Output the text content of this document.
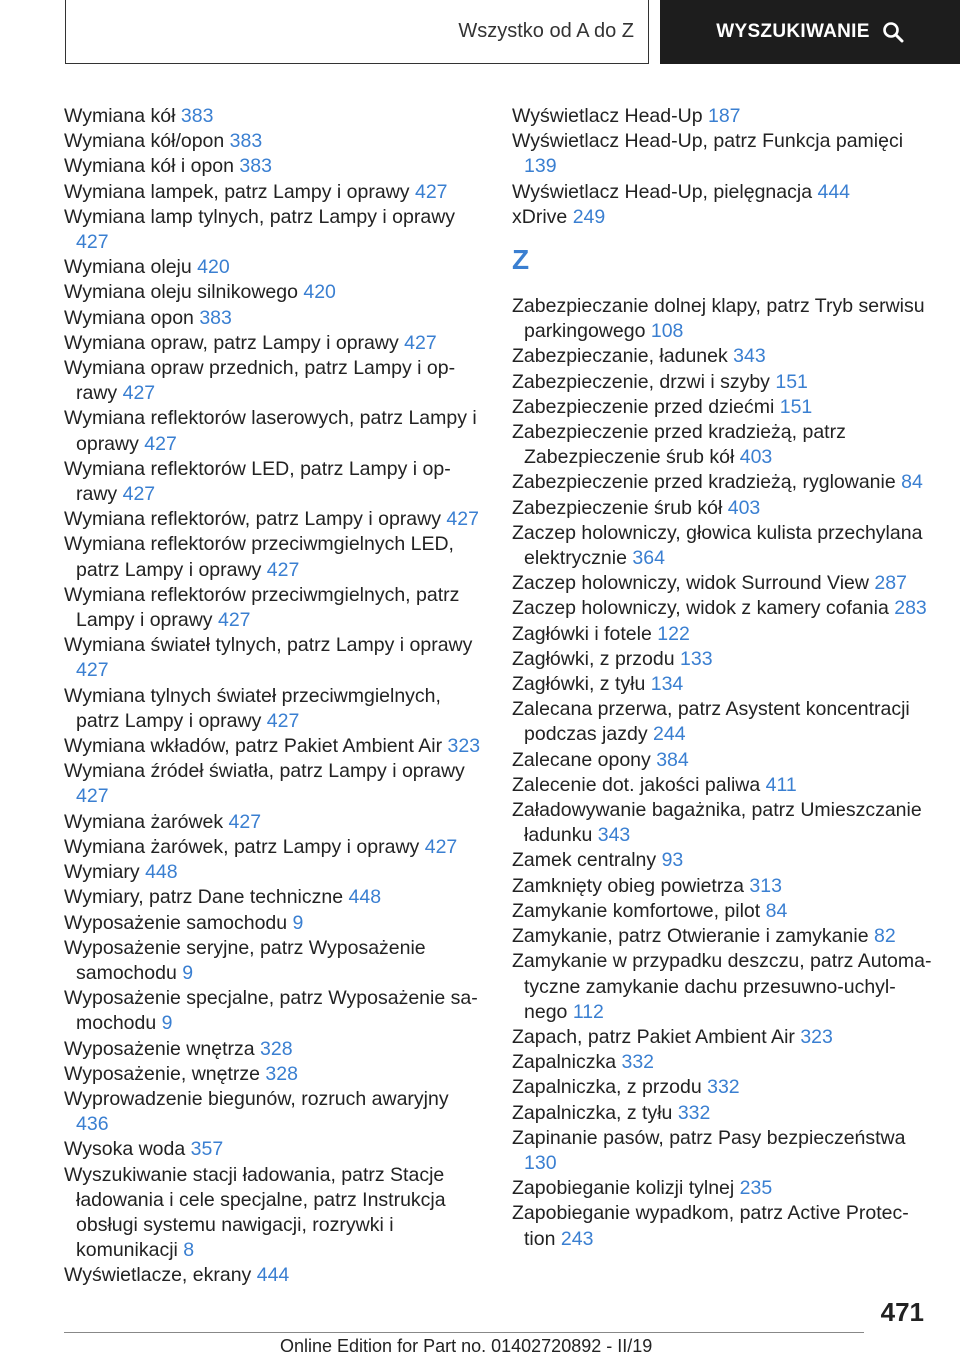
Wszystko od A do Z	WYSZUKIWANIE

Wymiana kół 383

Wymiana kół/opon 383

Wymiana kół i opon 383

Wymiana lampek, patrz Lampy i oprawy 427

Wymiana lamp tylnych, patrz Lampy i oprawy 427

Wymiana oleju 420

Wymiana oleju silnikowego 420

Wymiana opon 383

Wymiana opraw, patrz Lampy i oprawy 427

Wymiana opraw przednich, patrz Lampy i oprawy 427

Wymiana reflektorów laserowych, patrz Lampy i oprawy 427

Wymiana reflektorów LED, patrz Lampy i oprawy 427

Wymiana reflektorów, patrz Lampy i oprawy 427

Wymiana reflektorów przeciwmgielnych LED, patrz Lampy i oprawy 427

Wymiana reflektorów przeciwmgielnych, patrz Lampy i oprawy 427

Wymiana świateł tylnych, patrz Lampy i oprawy 427

Wymiana tylnych świateł przeciwmgielnych, patrz Lampy i oprawy 427

Wymiana wkładów, patrz Pakiet Ambient Air 323

Wymiana źródeł światła, patrz Lampy i oprawy 427

Wymiana żarówek 427

Wymiana żarówek, patrz Lampy i oprawy 427

Wymiary 448

Wymiary, patrz Dane techniczne 448

Wyposażenie samochodu 9

Wyposażenie seryjne, patrz Wyposażenie samochodu 9

Wyposażenie specjalne, patrz Wyposażenie samochodu 9

Wyposażenie wnętrza 328

Wyposażenie, wnętrze 328

Wyprowadzenie biegunów, rozruch awaryjny 436

Wysoka woda 357

Wyszukiwanie stacji ładowania, patrz Stacje ładowania i cele specjalne, patrz Instrukcja obsługi systemu nawigacji, rozrywki i komunikacji 8

Wyświetlacze, ekrany 444

Wyświetlacz Head-Up 187

Wyświetlacz Head-Up, patrz Funkcja pamięci 139

Wyświetlacz Head-Up, pielęgnacja 444

xDrive 249

Z

Zabezpieczanie dolnej klapy, patrz Tryb serwisu parkingowego 108

Zabezpieczanie, ładunek 343

Zabezpieczenie, drzwi i szyby 151

Zabezpieczenie przed dziećmi 151

Zabezpieczenie przed kradzieżą, patrz Zabezpieczenie śrub kół 403

Zabezpieczenie przed kradzieżą, ryglowanie 84

Zabezpieczenie śrub kół 403

Zaczep holowniczy, głowica kulista przechylana elektrycznie 364

Zaczep holowniczy, widok Surround View 287

Zaczep holowniczy, widok z kamery cofania 283

Zagłówki i fotele 122

Zagłówki, z przodu 133

Zagłówki, z tyłu 134

Zalecana przerwa, patrz Asystent koncentracji podczas jazdy 244

Zalecane opony 384

Zalecenie dot. jakości paliwa 411

Załadowywanie bagażnika, patrz Umieszczanie ładunku 343

Zamek centralny 93

Zamknięty obieg powietrza 313

Zamykanie komfortowe, pilot 84

Zamykanie, patrz Otwieranie i zamykanie 82

Zamykanie w przypadku deszczu, patrz Automatyczne zamykanie dachu przesuwno-uchylnego 112

Zapach, patrz Pakiet Ambient Air 323

Zapalniczka 332

Zapalniczka, z przodu 332

Zapalniczka, z tyłu 332

Zapinanie pasów, patrz Pasy bezpieczeństwa 130

Zapobieganie kolizji tylnej 235

Zapobieganie wypadkom, patrz Active Protection 243

471
Online Edition for Part no. 01402720892 - II/19
